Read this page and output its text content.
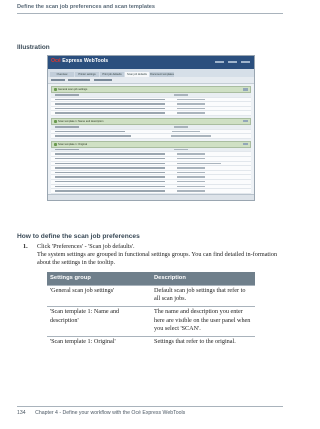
Define the scan job preferences and scan templates
Illustration
Océ Express WebTools
Overview	Printer settings	Print job defaults	Scan job defaults	Document templates
General scan job settings
Scan template 1: Name and description
Scan template 1: Original
How to define the scan job preferences
1. Click 'Preferences' - 'Scan job defaults'.
The system settings are grouped in functional settings groups. You can find detailed in-formation about the settings in the tooltip.
Settings group	Description
'General scan job settings'	Default scan job settings that refer to all scan jobs.
'Scan template 1: Name and description'	The name and description you enter here are visible on the user panel when you select 'SCAN'.
'Scan template 1: Original'	Settings that refer to the original.
134 Chapter 4 - Define your workflow with the Océ Express WebTools
